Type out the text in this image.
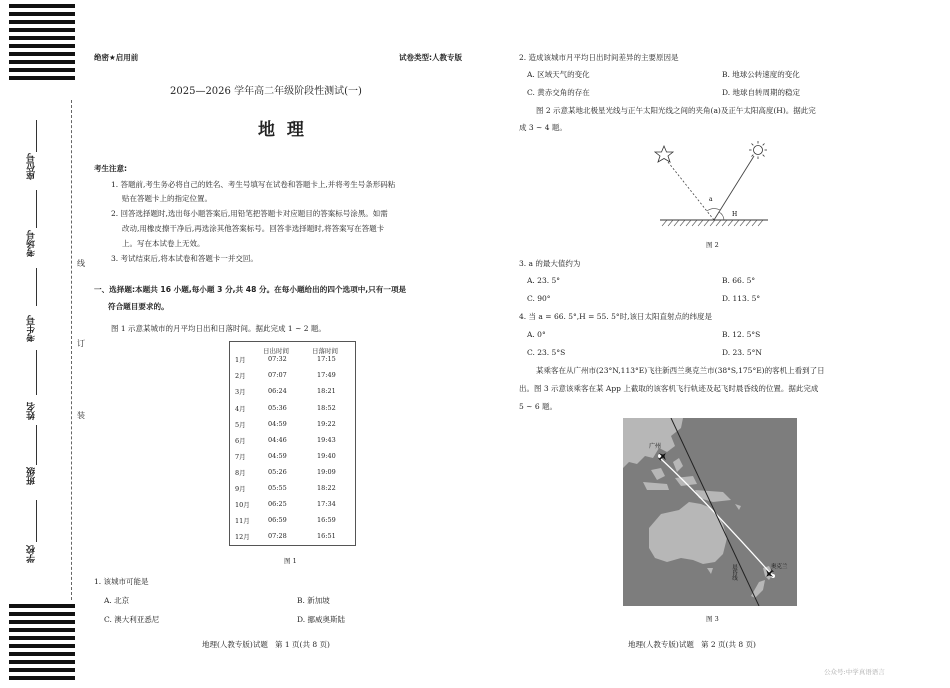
座位号
考场号
考生号
姓名
班级
学校
线
订
装
绝密★启用前	试卷类型:人教专版
2025—2026 学年高二年级阶段性测试(一)
地  理
考生注意:
1. 答题前,考生务必将自己的姓名、考生号填写在试卷和答题卡上,并将考生号条形码粘
贴在答题卡上的指定位置。
2. 回答选择题时,选出每小题答案后,用铅笔把答题卡对应题目的答案标号涂黑。如需
改动,用橡皮擦干净后,再选涂其他答案标号。回答非选择题时,将答案写在答题卡
上。写在本试卷上无效。
3. 考试结束后,将本试卷和答题卡一并交回。
一、选择题:本题共 16 小题,每小题 3 分,共 48 分。在每小题给出的四个选项中,只有一项是
符合题目要求的。
图 1 示意某城市的月平均日出和日落时间。据此完成 1 ~ 2 题。
日出时间	日落时间
1月	07:32	17:15
2月	07:07	17:49
3月	06:24	18:21
4月	05:36	18:52
5月	04:59	19:22
6月	04:46	19:43
7月	04:59	19:40
8月	05:26	19:09
9月	05:55	18:22
10月	06:25	17:34
11月	06:59	16:59
12月	07:28	16:51
图 1
1. 该城市可能是
A. 北京	B. 新加坡
C. 澳大利亚悉尼	D. 挪威奥斯陆
地理(人教专版)试题   第 1 页(共 8 页)
2. 造成该城市月平均日出时间差异的主要原因是
A. 区域天气的变化	B. 地球公转速度的变化
C. 黄赤交角的存在	D. 地球自转周期的稳定
图 2 示意某地北极星光线与正午太阳光线之间的夹角(a)及正午太阳高度(H)。据此完
成 3 ~ 4 题。
a
H
图 2
3. a 的最大值约为
A. 23. 5°	B. 66. 5°
C. 90°	D. 113. 5°
4. 当 a = 66. 5°,H = 55. 5°时,该日太阳直射点的纬度是
A. 0°	B. 12. 5°S
C. 23. 5°S	D. 23. 5°N
某乘客在从广州市(23°N,113°E)飞往新西兰奥克兰市(38°S,175°E)的客机上看到了日
出。图 3 示意该乘客在某 App 上截取的该客机飞行轨迹及起飞时晨昏线的位置。据此完成
5 ~ 6 题。
广州
奥克兰
晨昏线
图 3
地理(人教专版)试题   第 2 页(共 8 页)
公众号:中学真语语言
